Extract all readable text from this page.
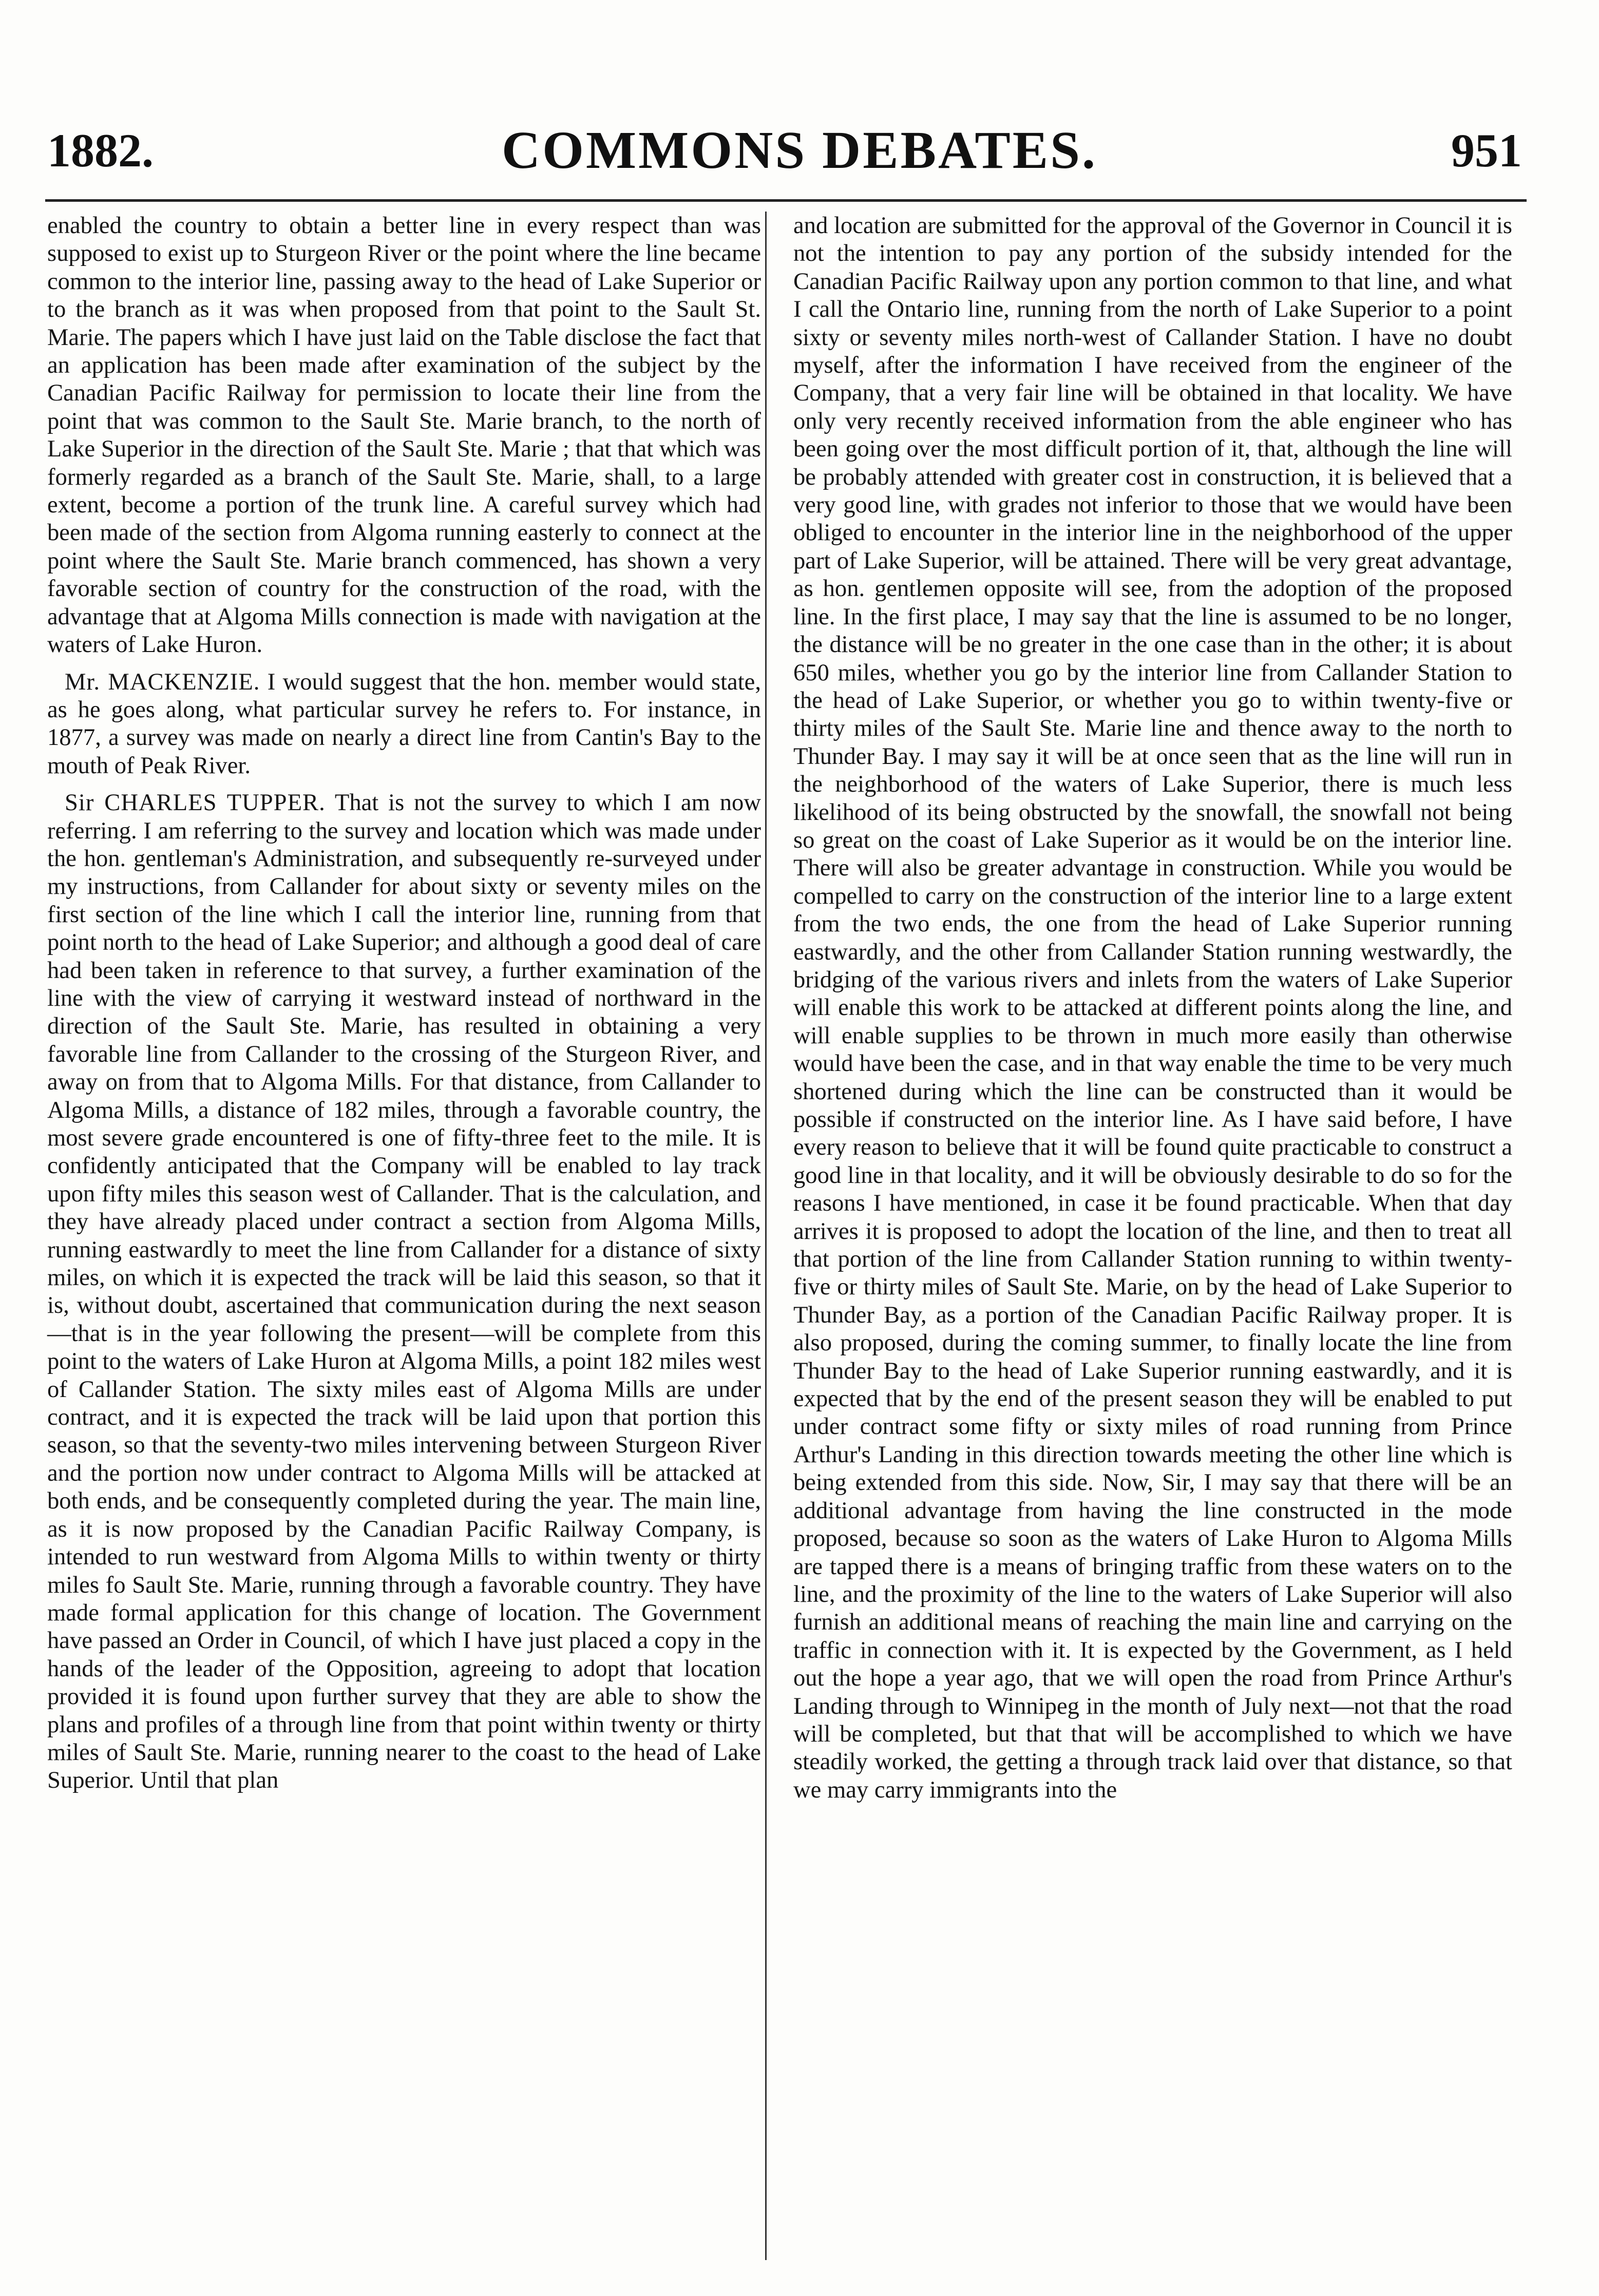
COMMONS DEBATES.
1882.	951

enabled the country to obtain a better line in every respect than was supposed to exist up to Sturgeon River or the point where the line became common to the interior line, passing away to the head of Lake Superior or to the branch as it was when proposed from that point to the Sault St. Marie. The papers which I have just laid on the Table disclose the fact that an application has been made after examination of the subject by the Canadian Pacific Railway for permission to locate their line from the point that was common to the Sault Ste. Marie branch, to the north of Lake Superior in the direction of the Sault Ste. Marie ; that that which was formerly regarded as a branch of the Sault Ste. Marie, shall, to a large extent, become a portion of the trunk line. A careful survey which had been made of the section from Algoma running easterly to connect at the point where the Sault Ste. Marie branch commenced, has shown a very favorable section of country for the construction of the road, with the advantage that at Algoma Mills connection is made with navigation at the waters of Lake Huron.

Mr. MACKENZIE. I would suggest that the hon. member would state, as he goes along, what particular survey he refers to. For instance, in 1877, a survey was made on nearly a direct line from Cantin's Bay to the mouth of Peak River.

Sir CHARLES TUPPER. That is not the survey to which I am now referring. I am referring to the survey and location which was made under the hon. gentleman's Administration, and subsequently re-surveyed under my instructions, from Callander for about sixty or seventy miles on the first section of the line which I call the interior line, running from that point north to the head of Lake Superior; and although a good deal of care had been taken in reference to that survey, a further examination of the line with the view of carrying it westward instead of northward in the direction of the Sault Ste. Marie, has resulted in obtaining a very favorable line from Callander to the crossing of the Sturgeon River, and away on from that to Algoma Mills. For that distance, from Callander to Algoma Mills, a distance of 182 miles, through a favorable country, the most severe grade encountered is one of fifty-three feet to the mile. It is confidently anticipated that the Company will be enabled to lay track upon fifty miles this season west of Callander. That is the calculation, and they have already placed under contract a section from Algoma Mills, running eastwardly to meet the line from Callander for a distance of sixty miles, on which it is expected the track will be laid this season, so that it is, without doubt, ascertained that communication during the next season—that is in the year following the present—will be complete from this point to the waters of Lake Huron at Algoma Mills, a point 182 miles west of Callander Station. The sixty miles east of Algoma Mills are under contract, and it is expected the track will be laid upon that portion this season, so that the seventy-two miles intervening between Sturgeon River and the portion now under contract to Algoma Mills will be attacked at both ends, and be consequently completed during the year. The main line, as it is now proposed by the Canadian Pacific Railway Company, is intended to run westward from Algoma Mills to within twenty or thirty miles fo Sault Ste. Marie, running through a favorable country. They have made formal application for this change of location. The Government have passed an Order in Council, of which I have just placed a copy in the hands of the leader of the Opposition, agreeing to adopt that location provided it is found upon further survey that they are able to show the plans and profiles of a through line from that point within twenty or thirty miles of Sault Ste. Marie, running nearer to the coast to the head of Lake Superior. Until that plan

and location are submitted for the approval of the Governor in Council it is not the intention to pay any portion of the subsidy intended for the Canadian Pacific Railway upon any portion common to that line, and what I call the Ontario line, running from the north of Lake Superior to a point sixty or seventy miles north-west of Callander Station. I have no doubt myself, after the information I have received from the engineer of the Company, that a very fair line will be obtained in that locality. We have only very recently received information from the able engineer who has been going over the most difficult portion of it, that, although the line will be probably attended with greater cost in construction, it is believed that a very good line, with grades not inferior to those that we would have been obliged to encounter in the interior line in the neighborhood of the upper part of Lake Superior, will be attained. There will be very great advantage, as hon. gentlemen opposite will see, from the adoption of the proposed line. In the first place, I may say that the line is assumed to be no longer, the distance will be no greater in the one case than in the other; it is about 650 miles, whether you go by the interior line from Callander Station to the head of Lake Superior, or whether you go to within twenty-five or thirty miles of the Sault Ste. Marie line and thence away to the north to Thunder Bay. I may say it will be at once seen that as the line will run in the neighborhood of the waters of Lake Superior, there is much less likelihood of its being obstructed by the snowfall, the snowfall not being so great on the coast of Lake Superior as it would be on the interior line. There will also be greater advantage in construction. While you would be compelled to carry on the construction of the interior line to a large extent from the two ends, the one from the head of Lake Superior running eastwardly, and the other from Callander Station running westwardly, the bridging of the various rivers and inlets from the waters of Lake Superior will enable this work to be attacked at different points along the line, and will enable supplies to be thrown in much more easily than otherwise would have been the case, and in that way enable the time to be very much shortened during which the line can be constructed than it would be possible if constructed on the interior line. As I have said before, I have every reason to believe that it will be found quite practicable to construct a good line in that locality, and it will be obviously desirable to do so for the reasons I have mentioned, in case it be found practicable. When that day arrives it is proposed to adopt the location of the line, and then to treat all that portion of the line from Callander Station running to within twenty-five or thirty miles of Sault Ste. Marie, on by the head of Lake Superior to Thunder Bay, as a portion of the Canadian Pacific Railway proper. It is also proposed, during the coming summer, to finally locate the line from Thunder Bay to the head of Lake Superior running eastwardly, and it is expected that by the end of the present season they will be enabled to put under contract some fifty or sixty miles of road running from Prince Arthur's Landing in this direction towards meeting the other line which is being extended from this side. Now, Sir, I may say that there will be an additional advantage from having the line constructed in the mode proposed, because so soon as the waters of Lake Huron to Algoma Mills are tapped there is a means of bringing traffic from these waters on to the line, and the proximity of the line to the waters of Lake Superior will also furnish an additional means of reaching the main line and carrying on the traffic in connection with it. It is expected by the Government, as I held out the hope a year ago, that we will open the road from Prince Arthur's Landing through to Winnipeg in the month of July next—not that the road will be completed, but that that will be accomplished to which we have steadily worked, the getting a through track laid over that distance, so that we may carry immigrants into the
